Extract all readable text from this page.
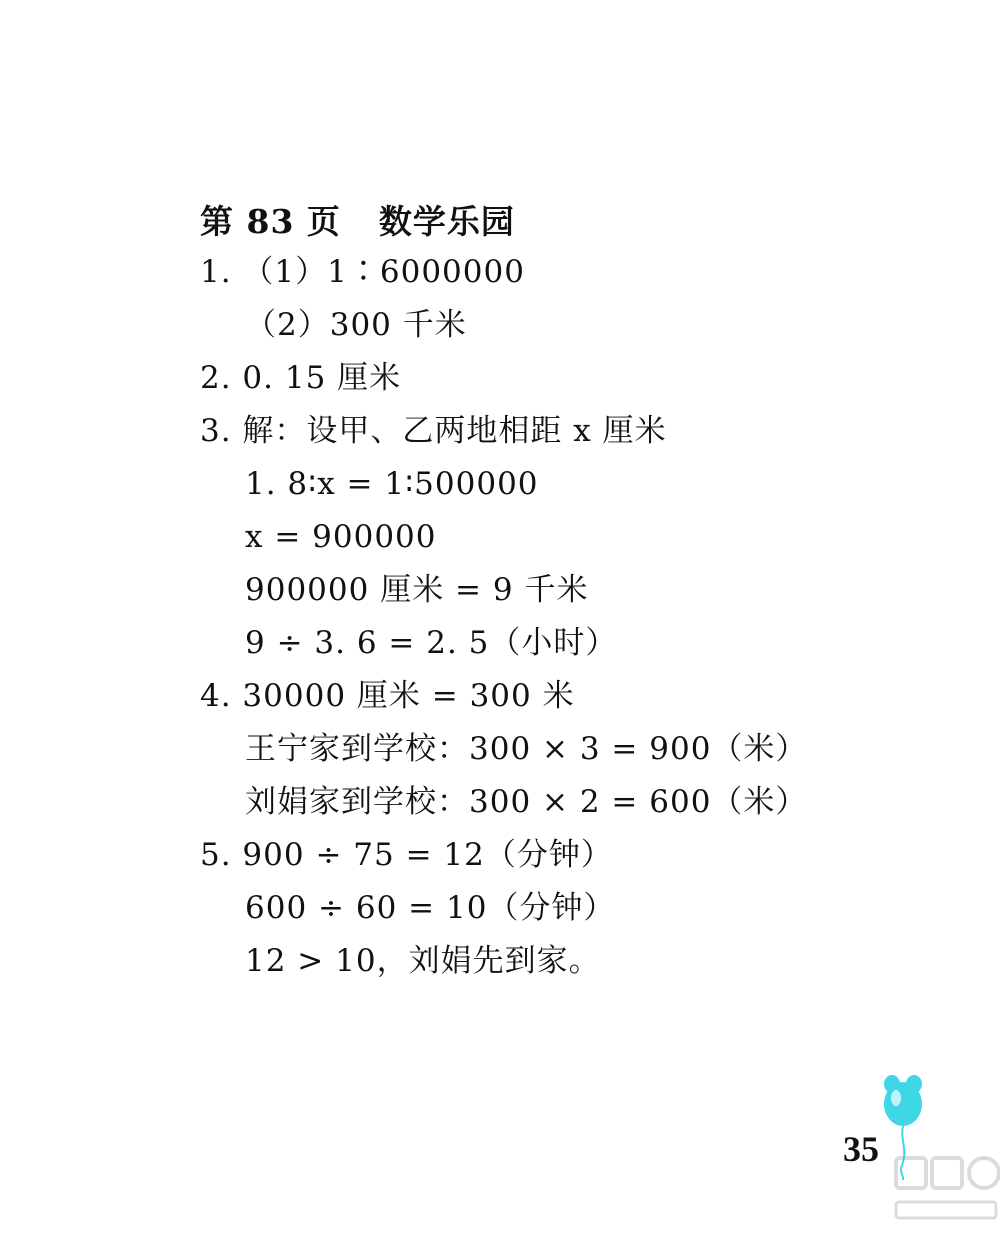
第 83 页 数学乐园
1. （1）1∶6000000
（2）300 千米
2. 0. 15 厘米
3. 解：设甲、乙两地相距 x 厘米
1. 8∶x = 1∶500000
x = 900000
900000 厘米 = 9 千米
9 ÷ 3. 6 = 2. 5（小时）
4. 30000 厘米 = 300 米
王宁家到学校：300 × 3 = 900（米）
刘娟家到学校：300 × 2 = 600（米）
5. 900 ÷ 75 = 12（分钟）
600 ÷ 60 = 10（分钟）
12 > 10，刘娟先到家。
35
